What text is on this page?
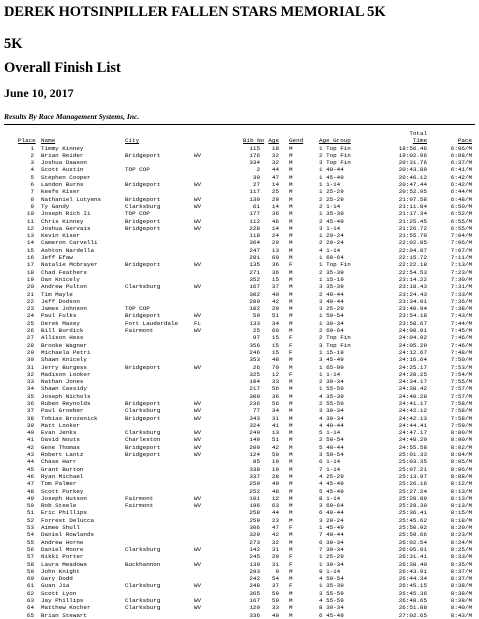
DEREK HOTSINPILLER FALLEN STARS MEMORIAL 5K
5K
Overall Finish List
June 10, 2017
Results By Race Management Systems, Inc.
Total
Place Name	City	Bib No Age Gend	Age Group	Time	Pace
1 Timmy Kinney	115	18 M	1 Top Fin	18:56.46	6:06/M
2 Brian Reider	Bridgeport	WV	176	32 M	2 Top Fin	19:02.96	6:08/M
3 Joshua Dawson	334	32 M	3 Top Fin	20:31.76	6:37/M
4 Scott Austin	TOP COP	2	44 M	1 40-44	20:43.89	6:41/M
5 Stephen Cooper	39	47 M	1 45-49	20:46.12	6:42/M
6 Landon Burns	Bridgeport	WV	27	14 M	1 1-14	20:47.44	6:42/M
7 Keefe Kiser	117	25 M	1 25-29	20:52.95	6:44/M
8 Nathaniel Lutyens	Bridgeport	WV	130	29 M	2 25-29	21:07.58	6:48/M
9 Ty Gandy	Clarksburg	WV	61	14 M	2 1-14	21:11.84	6:50/M
10 Joseph Rich Ii	TOP COP	177	36 M	1 35-39	21:17.34	6:52/M
11 Chris Kinney	Bridgeport	WV	112	46 M	2 45-49	21:25.45	6:55/M
12 Joshua Gervais	Bridgeport	WV	228	14 M	3 1-14	21:26.72	6:55/M
13 Kevin Kiser	118	24 M	1 20-24	21:55.70	7:04/M
14 Cameron Carvelli	364	20 M	2 20-24	22:02.85	7:06/M
15 Ashton Nardella	247	13 M	4 1-14	22:04.87	7:07/M
16 Jeff Efaw	281	60 M	1 60-64	22:15.72	7:11/M
17 Natalie Mcbrayer	Bridgeport	WV	135	36 F	1 Top Fin	22:22.18	7:13/M
18 Chad Feathers	271	36 M	2 35-39	22:54.53	7:23/M
19 Dan Knicely	352	15 M	1 15-19	23:14.22	7:30/M
20 Andrew Pulton	Clarksburg	WV	167	37 M	3 35-39	23:18.43	7:31/M
21 Tim Mayle	302	40 M	2 40-44	23:24.43	7:33/M
22 Jeff Dodson	289	42 M	3 40-44	23:34.81	7:36/M
23 James Johnson	TOP COP	102	29 M	3 25-29	23:40.94	7:38/M
24 Paul Fulks	Bridgeport	WV	59	51 M	1 50-54	23:54.18	7:43/M
25 Derek Maxey	Fort Lauderdale	FL	133	34 M	1 30-34	23:58.67	7:44/M
26 Bill Burdick	Fairmont	WV	25	60 M	2 60-64	24:00.91	7:45/M
27 Allison Hess	97	15 F	2 Top Fin	24:04.92	7:46/M
28 Brooke Wagner	356	15 F	3 Top Fin	24:05.29	7:46/M
29 Michaela Petri	246	15 F	1 15-19	24:12.67	7:48/M
30 Shawn Knicely	353	48 M	3 45-49	24:16.64	7:50/M
31 Jerry Burgess	Bridgeport	WV	26	70 M	1 65-99	24:25.17	7:53/M
32 Madison Looker	325	12 F	1 1-14	24:28.25	7:54/M
33 Nathan Jones	104	33 M	2 30-34	24:34.17	7:55/M
34 Shawn Cassidy	217	56 M	1 55-59	24:38.42	7:57/M
35 Joseph Nichols	300	36 M	4 35-39	24:40.28	7:57/M
36 Ruben Reynolds	Bridgeport	WV	236	56 M	2 55-59	24:41.17	7:58/M
37 Paul Groeber	Clarksburg	WV	77	34 M	3 30-34	24:42.12	7:58/M
38 Tobias Brozenick	Bridgeport	WV	343	31 M	4 30-34	24:42.13	7:58/M
39 Matt Looker	324	41 M	4 40-44	24:44.41	7:59/M
40 Evan Jenks	Clarksburg	WV	249	13 M	5 1-14	24:47.17	8:00/M
41 David Nouts	Charleston	WV	149	51 M	2 50-54	24:48.20	8:00/M
42 Gene Thomas	Bridgeport	WV	200	42 M	5 40-44	24:55.58	8:02/M
43 Robert Lantz	Bridgeport	WV	124	50 M	3 50-54	25:01.33	8:04/M
44 Chase Harr	85	10 M	6 1-14	25:03.35	8:05/M
45 Grant Burton	338	10 M	7 1-14	25:07.21	8:06/M
46 Ryan Michael	337	28 M	4 25-29	25:13.97	8:08/M
47 Tom Palmer	250	49 M	4 45-49	25:26.16	8:12/M
48 Scott Purkey	252	48 M	5 45-49	25:27.24	8:13/M
49 Joseph Hutson	Fairmont	WV	101	12 M	8 1-14	25:28.89	8:13/M
50 Rob Steele	Fairmont	WV	196	63 M	3 60-64	25:29.30	8:13/M
51 Eric Phillips	258	44 M	6 40-44	25:36.41	8:15/M
52 Forrest Delucca	259	23 M	3 20-24	25:45.62	8:18/M
53 Aimee Shull	306	47 F	1 45-49	25:50.92	8:20/M
54 Daniel Rowlands	329	42 M	7 40-44	25:59.66	8:23/M
55 Andrew Horne	273	32 M	6 30-34	26:02.54	8:24/M
56 Daniel Moore	Clarksburg	WV	142	31 M	7 30-34	26:05.81	8:25/M
57 Nikki Porter	245	29 F	1 25-29	26:31.41	8:33/M
58 Laura Meadows	Buckhannon	WV	139	31 F	1 30-34	26:38.40	8:35/M
59 John Knight	293	9 M	9 1-14	26:43.91	8:37/M
60 Gary Dodd	242	54 M	4 50-54	26:44.34	8:37/M
61 Guan Jia	Clarksburg	WV	248	37 F	1 35-39	26:45.15	8:38/M
62 Scott Lyon	365	59 M	3 55-59	26:45.36	8:38/M
63 Jay Phillips	Clarksburg	WV	167	59 M	4 55-59	26:48.65	8:38/M
64 Matthew Kocher	Clarksburg	WV	120	33 M	8 30-34	26:51.88	8:40/M
65 Brian Stewart	336	49 M	6 45-49	27:02.65	8:43/M
